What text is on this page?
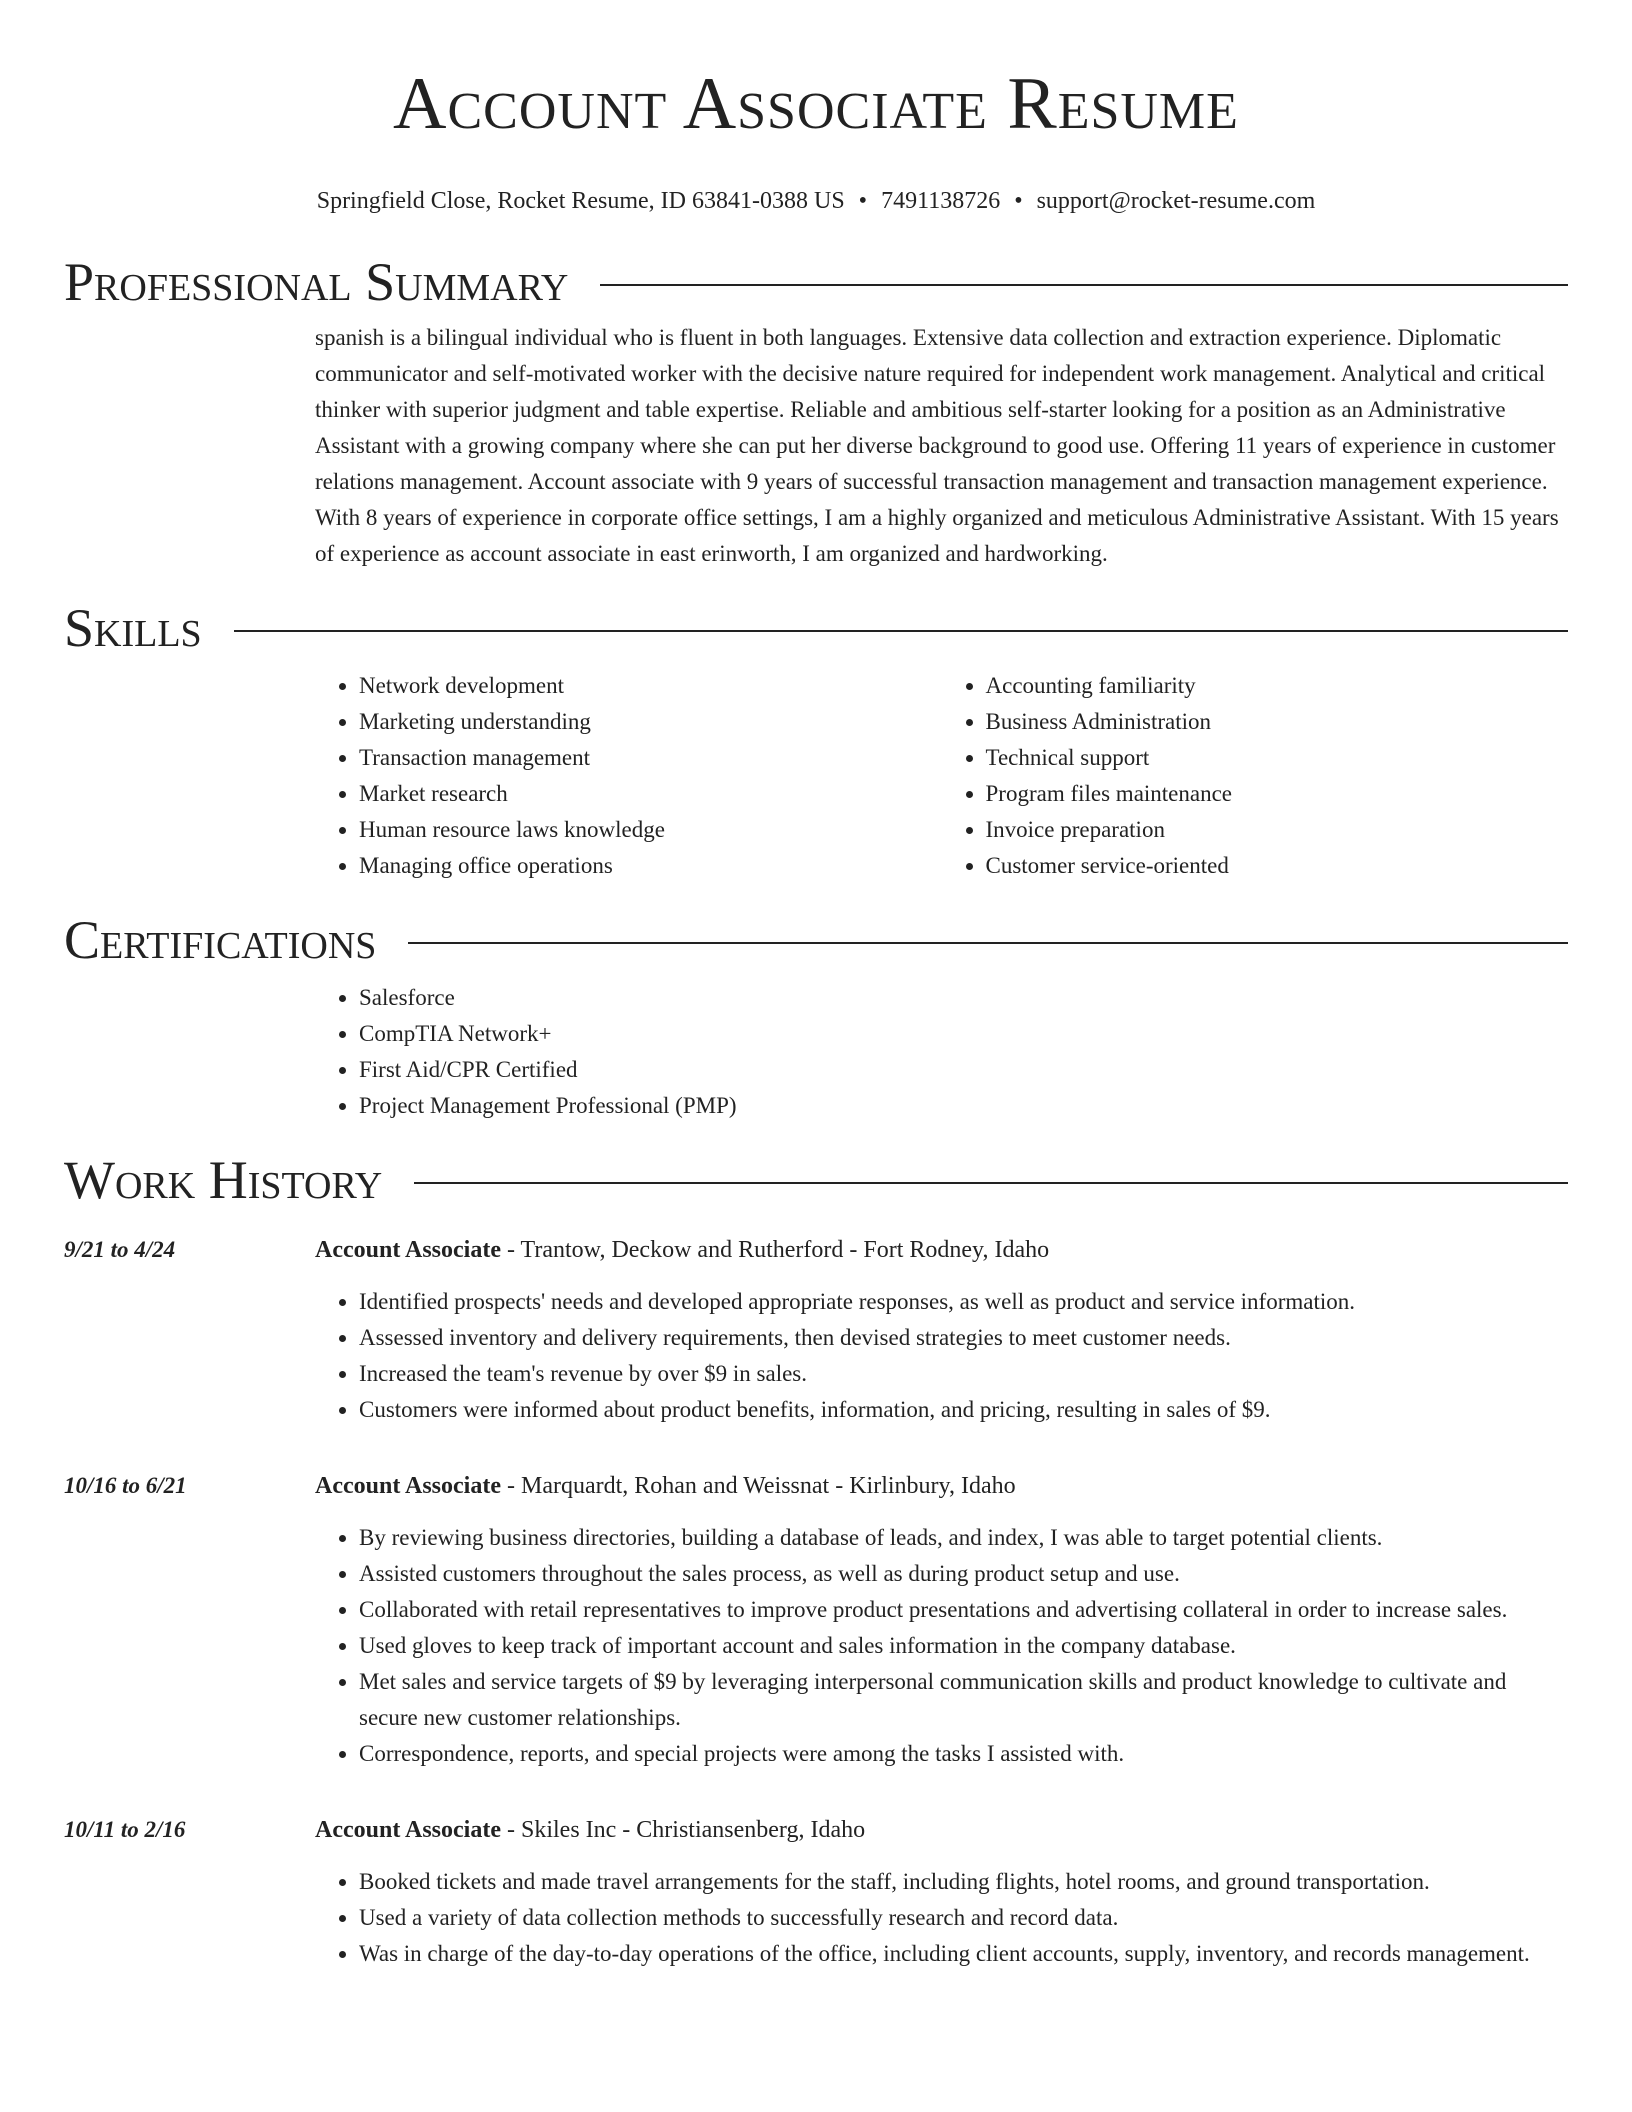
Account Associate Resume
Springfield Close, Rocket Resume, ID 63841-0388 US • 7491138726 • support@rocket-resume.com
Professional Summary

spanish is a bilingual individual who is fluent in both languages. Extensive data collection and extraction experience. Diplomatic communicator and self-motivated worker with the decisive nature required for independent work management. Analytical and critical thinker with superior judgment and table expertise. Reliable and ambitious self-starter looking for a position as an Administrative Assistant with a growing company where she can put her diverse background to good use. Offering 11 years of experience in customer relations management. Account associate with 9 years of successful transaction management and transaction management experience. With 8 years of experience in corporate office settings, I am a highly organized and meticulous Administrative Assistant. With 15 years of experience as account associate in east erinworth, I am organized and hardworking.

Skills
• Network development
• Marketing understanding
• Transaction management
• Market research
• Human resource laws knowledge
• Managing office operations
• Accounting familiarity
• Business Administration
• Technical support
• Program files maintenance
• Invoice preparation
• Customer service-oriented
Certifications
• Salesforce
• CompTIA Network+
• First Aid/CPR Certified
• Project Management Professional (PMP)
Work History
9/21 to 4/24	Account Associate - Trantow, Deckow and Rutherford - Fort Rodney, Idaho
• Identified prospects' needs and developed appropriate responses, as well as product and service information.
• Assessed inventory and delivery requirements, then devised strategies to meet customer needs.
• Increased the team's revenue by over $9 in sales.
• Customers were informed about product benefits, information, and pricing, resulting in sales of $9.
10/16 to 6/21	Account Associate - Marquardt, Rohan and Weissnat - Kirlinbury, Idaho
• By reviewing business directories, building a database of leads, and index, I was able to target potential clients.
• Assisted customers throughout the sales process, as well as during product setup and use.
• Collaborated with retail representatives to improve product presentations and advertising collateral in order to increase sales.
• Used gloves to keep track of important account and sales information in the company database.
• Met sales and service targets of $9 by leveraging interpersonal communication skills and product knowledge to cultivate and secure new customer relationships.
• Correspondence, reports, and special projects were among the tasks I assisted with.
10/11 to 2/16	Account Associate - Skiles Inc - Christiansenberg, Idaho
• Booked tickets and made travel arrangements for the staff, including flights, hotel rooms, and ground transportation.
• Used a variety of data collection methods to successfully research and record data.
• Was in charge of the day-to-day operations of the office, including client accounts, supply, inventory, and records management.
